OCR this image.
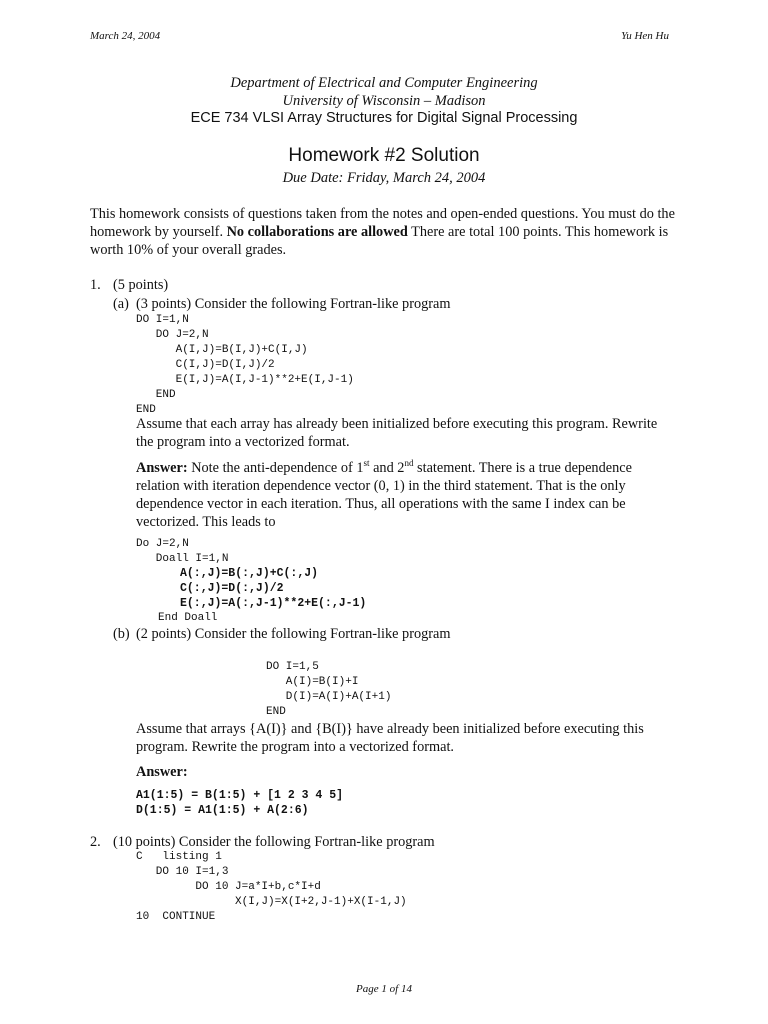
March 24, 2004	Yu Hen Hu
Department of Electrical and Computer Engineering
University of Wisconsin – Madison
ECE 734 VLSI Array Structures for Digital Signal Processing
Homework #2 Solution
Due Date: Friday, March 24, 2004
This homework consists of questions taken from the notes and open-ended questions. You must do the homework by yourself. No collaborations are allowed There are total 100 points. This homework is worth 10% of your overall grades.
1. (5 points)
(a) (3 points) Consider the following Fortran-like program
DO I=1,N
DO J=2,N
A(I,J)=B(I,J)+C(I,J)
C(I,J)=D(I,J)/2
E(I,J)=A(I,J-1)**2+E(I,J-1)
END
END
Assume that each array has already been initialized before executing this program. Rewrite the program into a vectorized format.
Answer: Note the anti-dependence of 1st and 2nd statement. There is a true dependence relation with iteration dependence vector (0, 1) in the third statement. That is the only dependence vector in each iteration. Thus, all operations with the same I index can be vectorized. This leads to
Do J=2,N
Doall I=1,N
A(:,J)=B(:,J)+C(:,J)
C(:,J)=D(:,J)/2
E(:,J)=A(:,J-1)**2+E(:,J-1)
End Doall
(b) (2 points) Consider the following Fortran-like program
DO I=1,5
A(I)=B(I)+I
D(I)=A(I)+A(I+1)
END
Assume that arrays {A(I)} and {B(I)} have already been initialized before executing this program. Rewrite the program into a vectorized format.
Answer:
A1(1:5) = B(1:5) + [1 2 3 4 5]
D(1:5) = A1(1:5) + A(2:6)
2. (10 points) Consider the following Fortran-like program
C   listing 1
DO 10 I=1,3
DO 10 J=a*I+b,c*I+d
X(I,J)=X(I+2,J-1)+X(I-1,J)
10  CONTINUE
Page 1 of 14
